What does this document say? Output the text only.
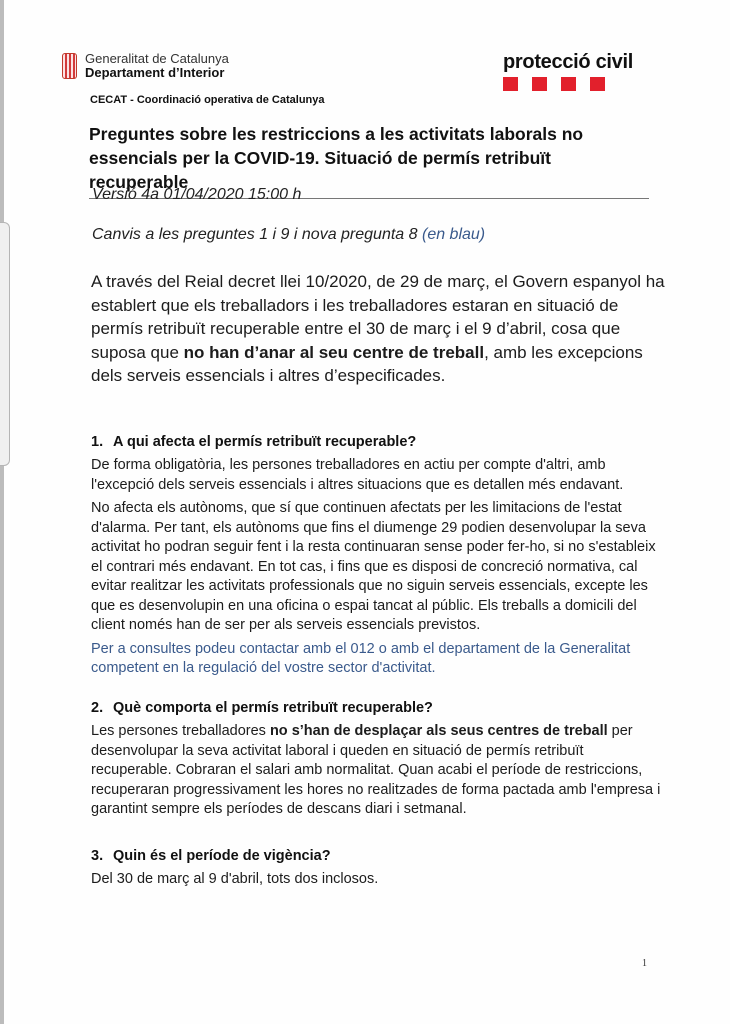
Generalitat de Catalunya
Departament d’Interior
CECAT - Coordinació operativa de Catalunya
protecció civil
Preguntes sobre les restriccions a les activitats laborals no essencials per la COVID-19. Situació de permís retribuït recuperable
Versió 4a 01/04/2020 15:00 h
Canvis a les preguntes 1 i 9 i nova pregunta 8 (en blau)
A través del Reial decret llei 10/2020, de 29 de març, el Govern espanyol ha establert que els treballadors i les treballadores estaran en situació de permís retribuït recuperable entre el 30 de març i el 9 d’abril, cosa que suposa que no han d’anar al seu centre de treball, amb les excepcions dels serveis essencials i altres d’especificades.
1. A qui afecta el permís retribuït recuperable?

De forma obligatòria, les persones treballadores en actiu per compte d'altri, amb l'excepció dels serveis essencials i altres situacions que es detallen més endavant.

No afecta els autònoms, que sí que continuen afectats per les limitacions de l'estat d'alarma. Per tant, els autònoms que fins el diumenge 29 podien desenvolupar la seva activitat ho podran seguir fent i la resta continuaran sense poder fer-ho, si no s'estableix el contrari més endavant. En tot cas, i fins que es disposi de concreció normativa, cal evitar realitzar les activitats professionals que no siguin serveis essencials, excepte les que es desenvolupin en una oficina o espai tancat al públic. Els treballs a domicili del client només han de ser per als serveis essencials previstos.

Per a consultes podeu contactar amb el 012 o amb el departament de la Generalitat competent en la regulació del vostre sector d'activitat.

2. Què comporta el permís retribuït recuperable?

Les persones treballadores no s’han de desplaçar als seus centres de treball per desenvolupar la seva activitat laboral i queden en situació de permís retribuït recuperable. Cobraran el salari amb normalitat. Quan acabi el període de restriccions, recuperaran progressivament les hores no realitzades de forma pactada amb l'empresa i garantint sempre els períodes de descans diari i setmanal.

3. Quin és el període de vigència?

Del 30 de març al 9 d'abril, tots dos inclosos.

1
